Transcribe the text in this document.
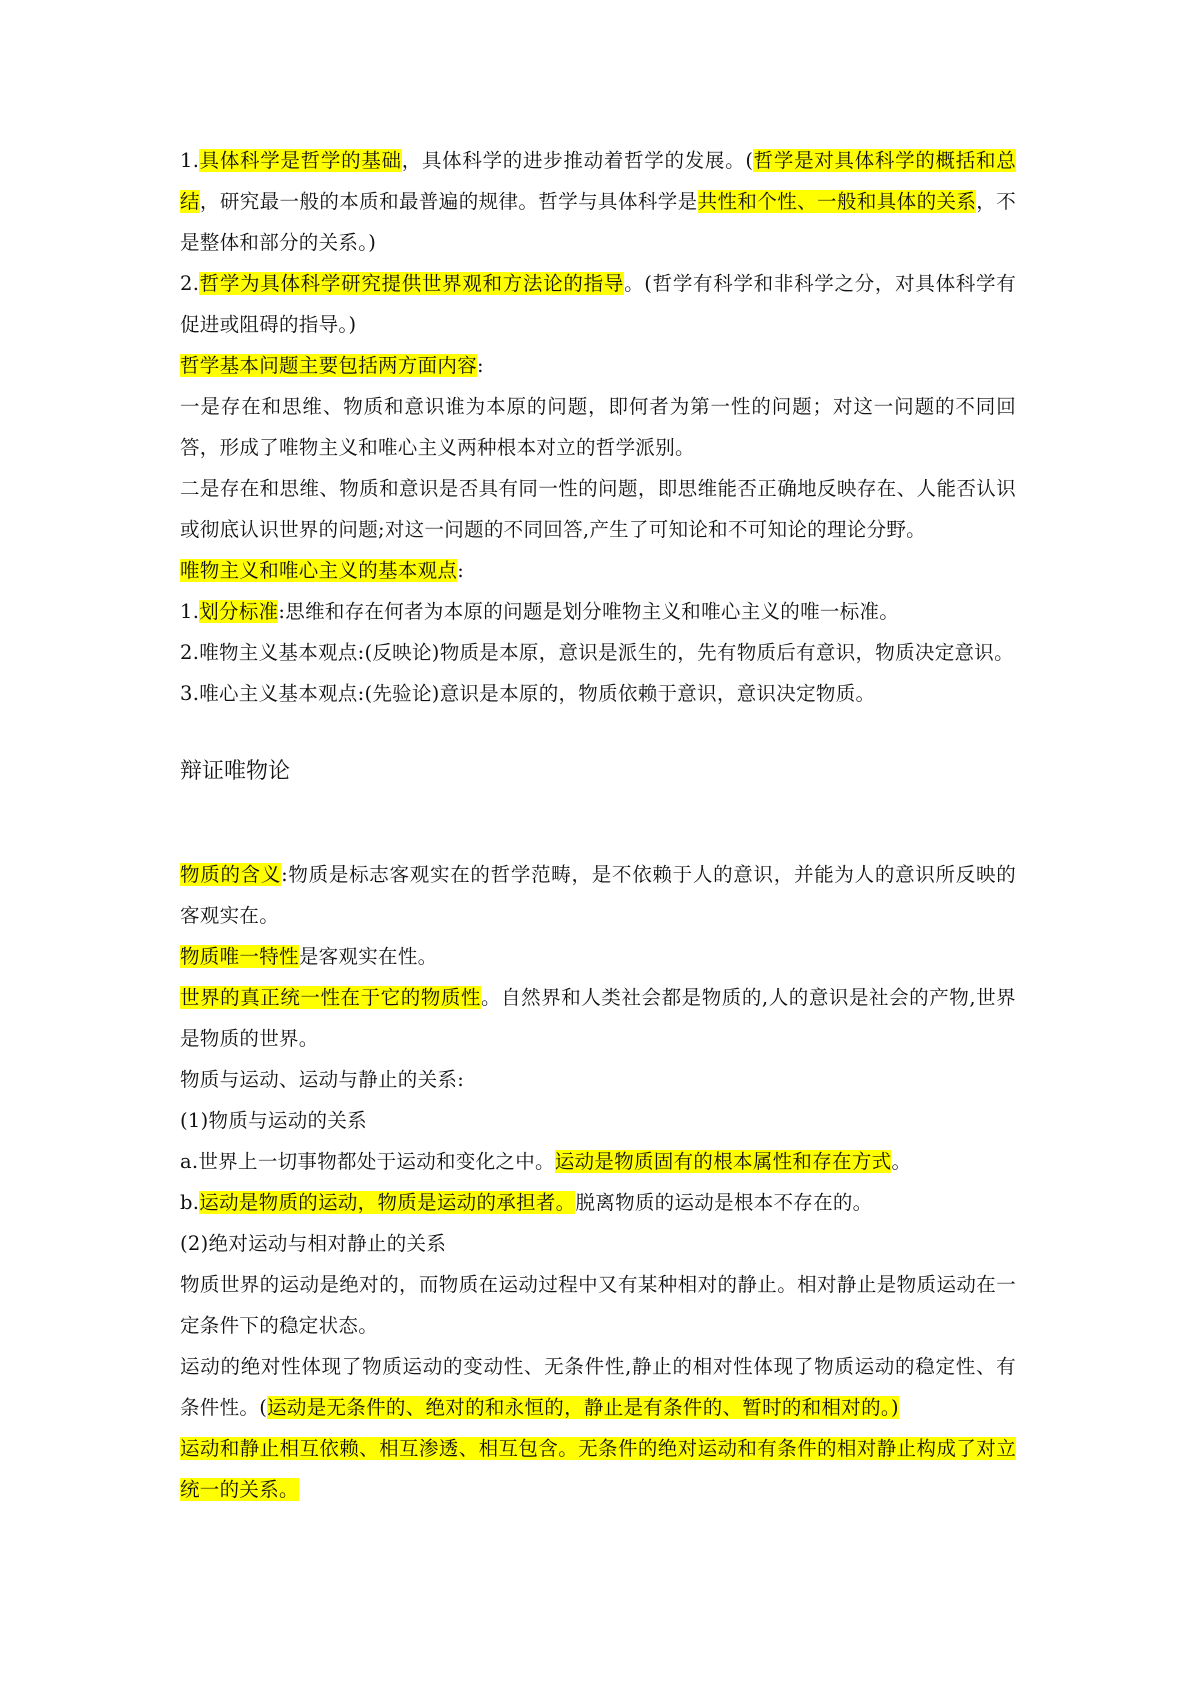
1.具体科学是哲学的基础，具体科学的进步推动着哲学的发展。(哲学是对具体科学的概括和总结，研究最一般的本质和最普遍的规律。哲学与具体科学是共性和个性、一般和具体的关系，不是整体和部分的关系。)

2.哲学为具体科学研究提供世界观和方法论的指导。(哲学有科学和非科学之分，对具体科学有促进或阻碍的指导。)

哲学基本问题主要包括两方面内容:

一是存在和思维、物质和意识谁为本原的问题，即何者为第一性的问题；对这一问题的不同回答，形成了唯物主义和唯心主义两种根本对立的哲学派别。

二是存在和思维、物质和意识是否具有同一性的问题，即思维能否正确地反映存在、人能否认识或彻底认识世界的问题;对这一问题的不同回答,产生了可知论和不可知论的理论分野。

唯物主义和唯心主义的基本观点:

1.划分标准:思维和存在何者为本原的问题是划分唯物主义和唯心主义的唯一标准。

2.唯物主义基本观点:(反映论)物质是本原，意识是派生的，先有物质后有意识，物质决定意识。

3.唯心主义基本观点:(先验论)意识是本原的，物质依赖于意识，意识决定物质。

辩证唯物论

物质的含义:物质是标志客观实在的哲学范畴，是不依赖于人的意识，并能为人的意识所反映的客观实在。

物质唯一特性是客观实在性。

世界的真正统一性在于它的物质性。自然界和人类社会都是物质的,人的意识是社会的产物,世界是物质的世界。

物质与运动、运动与静止的关系:

(1)物质与运动的关系

a.世界上一切事物都处于运动和变化之中。运动是物质固有的根本属性和存在方式。

b.运动是物质的运动，物质是运动的承担者。脱离物质的运动是根本不存在的。

(2)绝对运动与相对静止的关系

物质世界的运动是绝对的，而物质在运动过程中又有某种相对的静止。相对静止是物质运动在一定条件下的稳定状态。

运动的绝对性体现了物质运动的变动性、无条件性,静止的相对性体现了物质运动的稳定性、有条件性。(运动是无条件的、绝对的和永恒的，静止是有条件的、暂时的和相对的。)

运动和静止相互依赖、相互渗透、相互包含。无条件的绝对运动和有条件的相对静止构成了对立统一的关系。
